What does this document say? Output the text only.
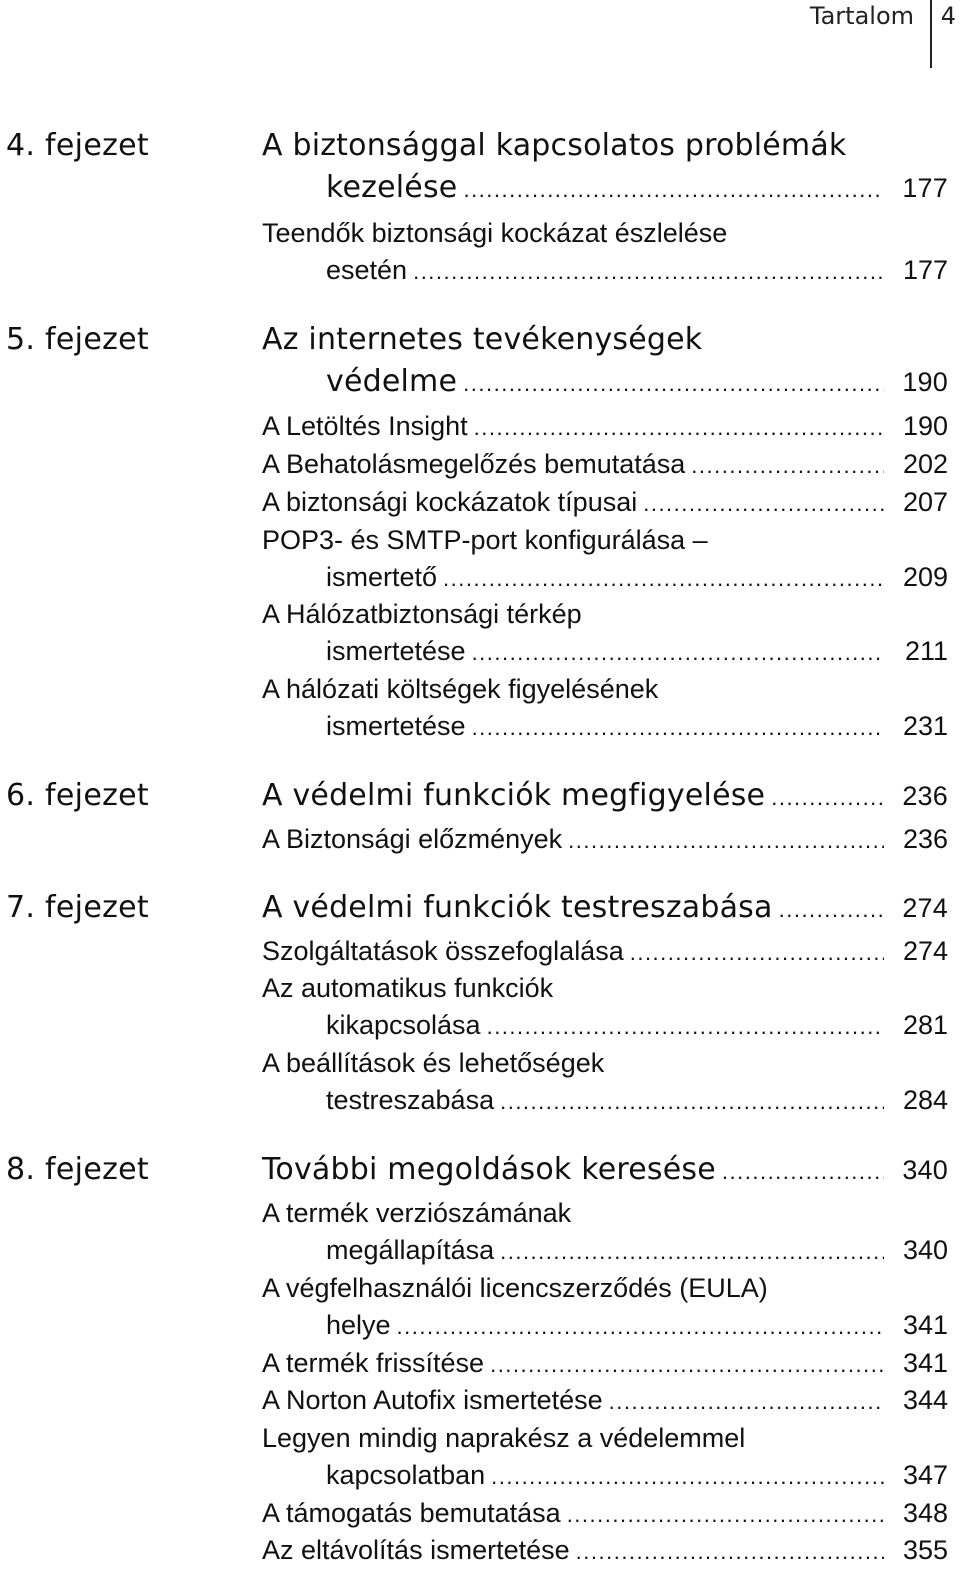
Tartalom 4
4. fejezet	A biztonsággal kapcsolatos problémák
kezelése .....	177
Teendők biztonsági kockázat észlelése
esetén .....	177
5. fejezet	Az internetes tevékenységek
védelme .....	190
A Letöltés Insight .....	190
A Behatolásmegelőzés bemutatása .....	202
A biztonsági kockázatok típusai .....	207
POP3- és SMTP-port konfigurálása –
ismertető .....	209
A Hálózatbiztonsági térkép
ismertetése .....	211
A hálózati költségek figyelésének
ismertetése .....	231
6. fejezet	A védelmi funkciók megfigyelése .....	236
A Biztonsági előzmények .....	236
7. fejezet	A védelmi funkciók testreszabása .....	274
Szolgáltatások összefoglalása .....	274
Az automatikus funkciók
kikapcsolása .....	281
A beállítások és lehetőségek
testreszabása .....	284
8. fejezet	További megoldások keresése .....	340
A termék verziószámának
megállapítása .....	340
A végfelhasználói licencszerződés (EULA)
helye .....	341
A termék frissítése .....	341
A Norton Autofix ismertetése .....	344
Legyen mindig naprakész a védelemmel
kapcsolatban .....	347
A támogatás bemutatása .....	348
Az eltávolítás ismertetése .....	355
